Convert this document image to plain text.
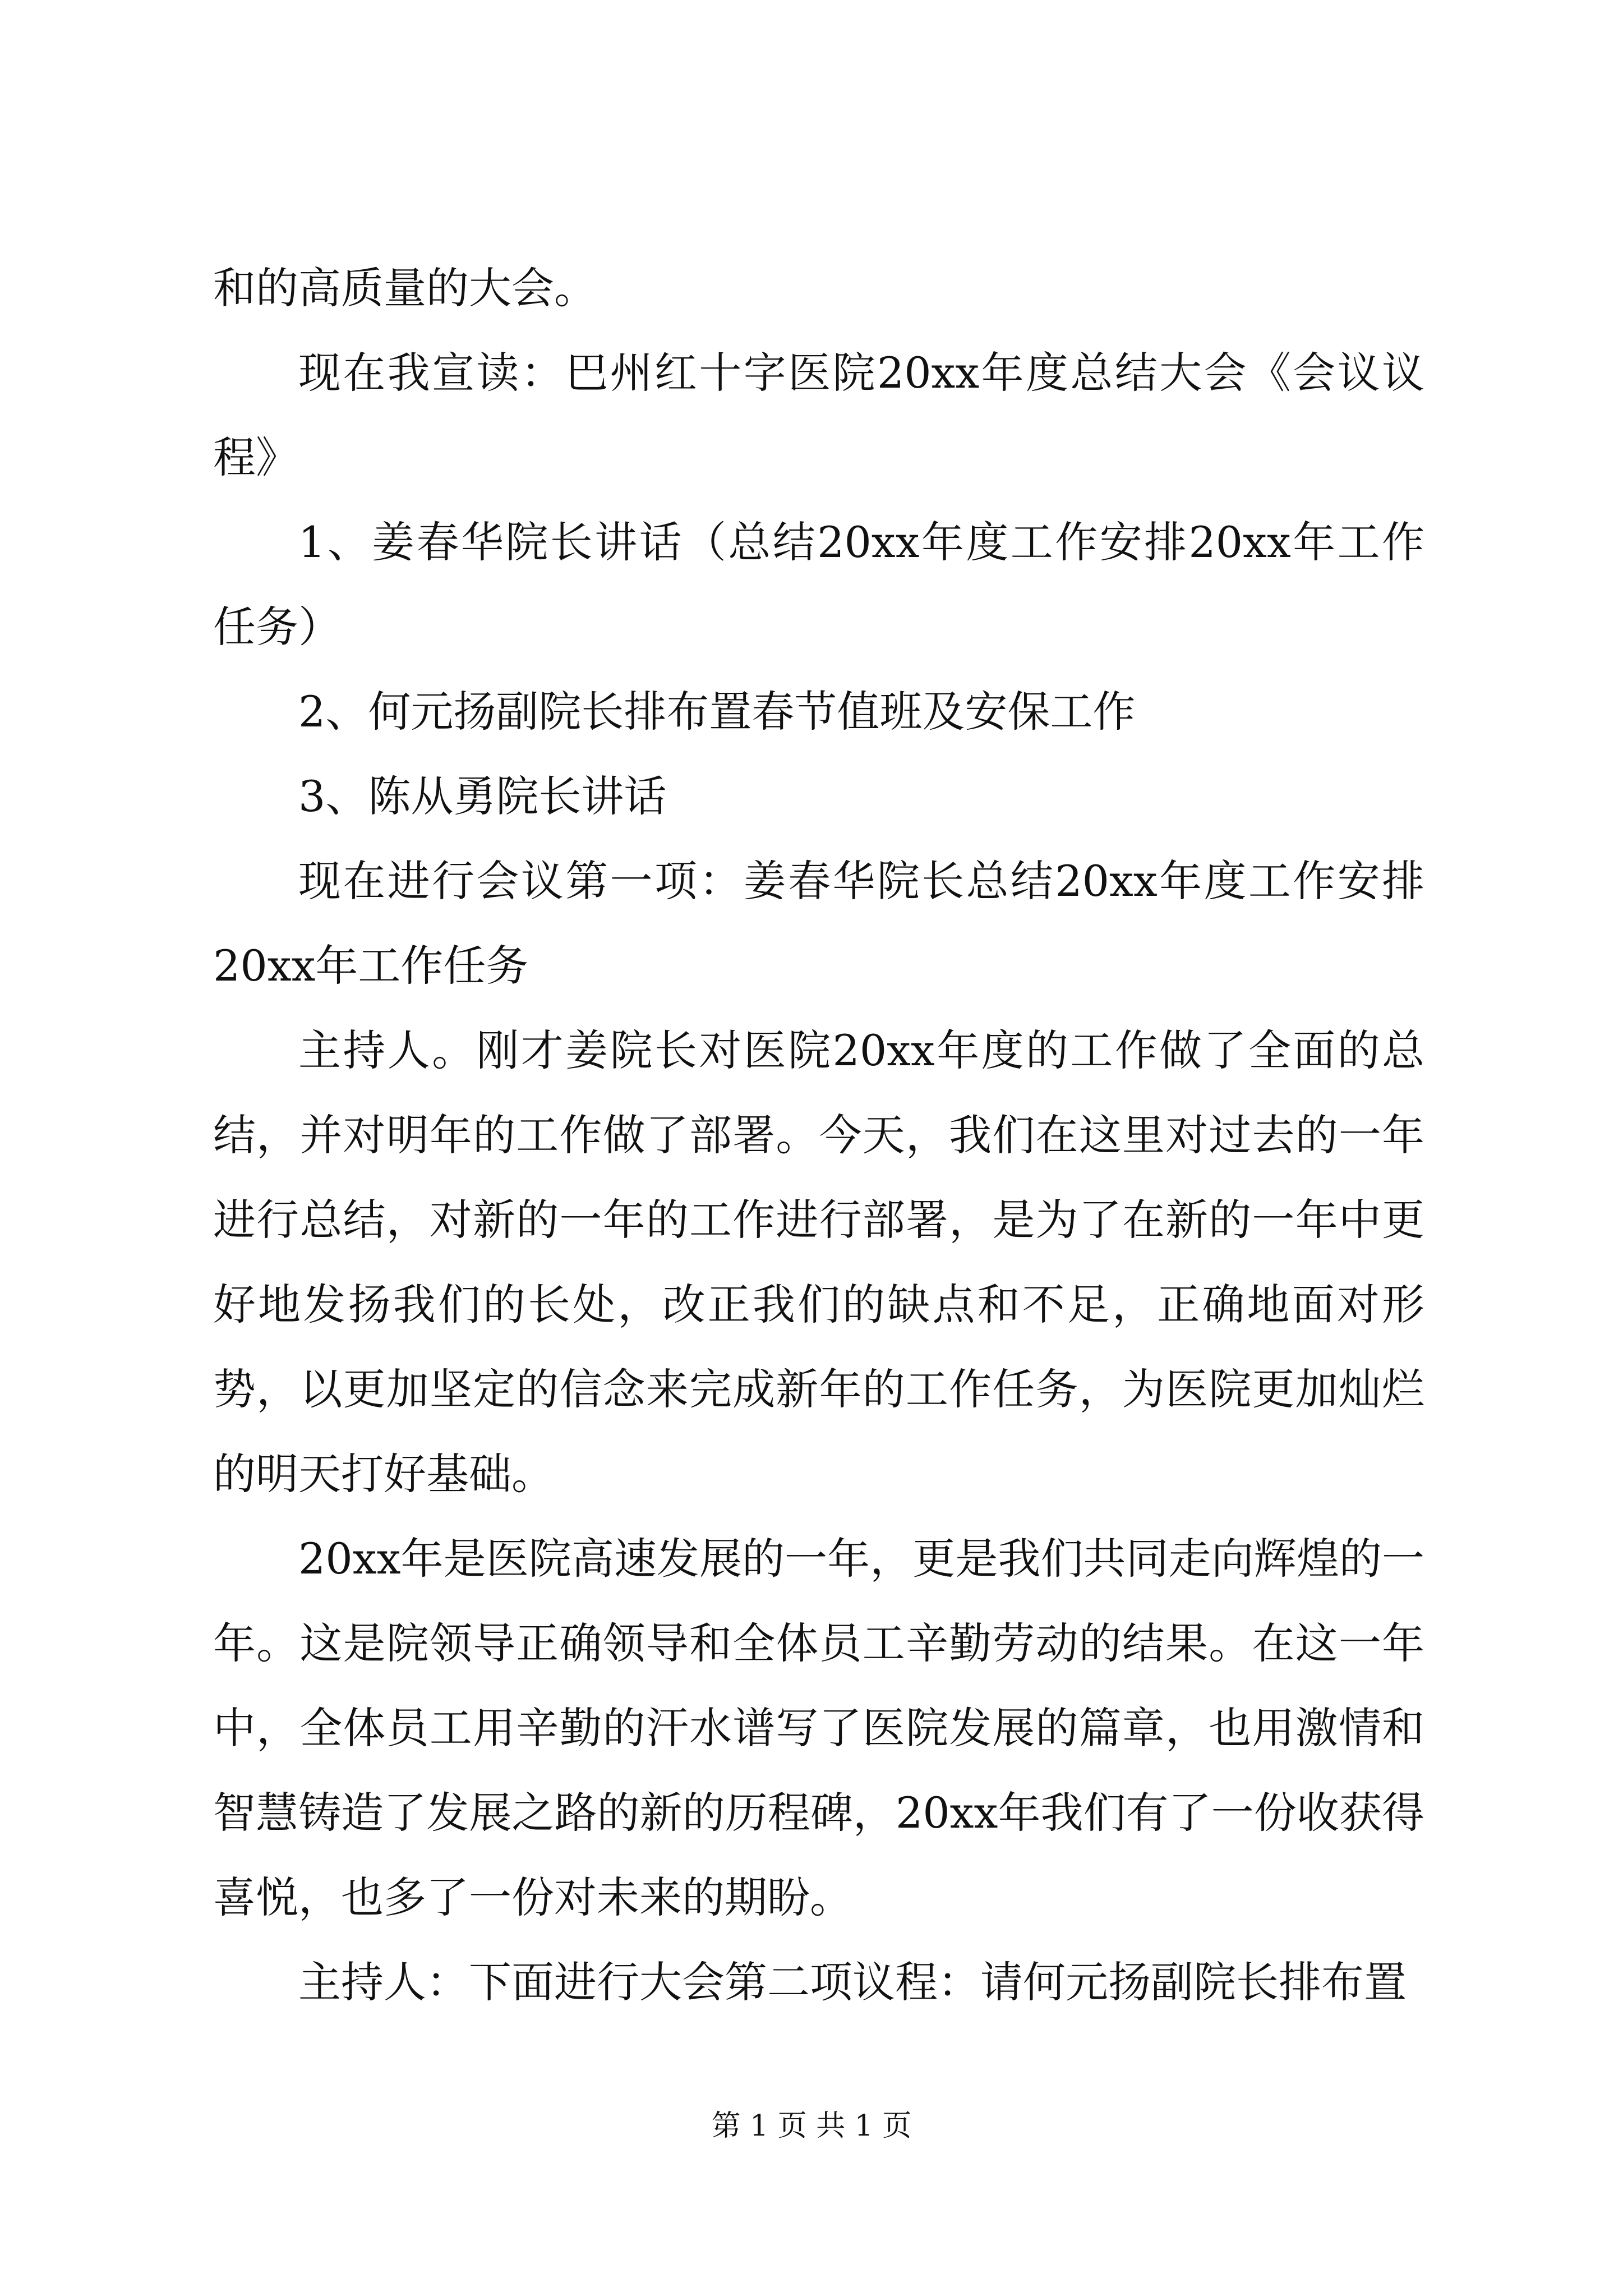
和的高质量的大会。

现在我宣读：巴州红十字医院20xx年度总结大会《会议议程》

1、姜春华院长讲话（总结20xx年度工作安排20xx年工作任务）

2、何元扬副院长排布置春节值班及安保工作

3、陈从勇院长讲话

现在进行会议第一项：姜春华院长总结20xx年度工作安排20xx年工作任务

主持人。刚才姜院长对医院20xx年度的工作做了全面的总结，并对明年的工作做了部署。今天，我们在这里对过去的一年进行总结，对新的一年的工作进行部署，是为了在新的一年中更好地发扬我们的长处，改正我们的缺点和不足，正确地面对形势，以更加坚定的信念来完成新年的工作任务，为医院更加灿烂的明天打好基础。

20xx年是医院高速发展的一年，更是我们共同走向辉煌的一年。这是院领导正确领导和全体员工辛勤劳动的结果。在这一年中，全体员工用辛勤的汗水谱写了医院发展的篇章，也用激情和智慧铸造了发展之路的新的历程碑，20xx年我们有了一份收获得喜悦，也多了一份对未来的期盼。

主持人：下面进行大会第二项议程：请何元扬副院长排布置

第 1 页 共 1 页
